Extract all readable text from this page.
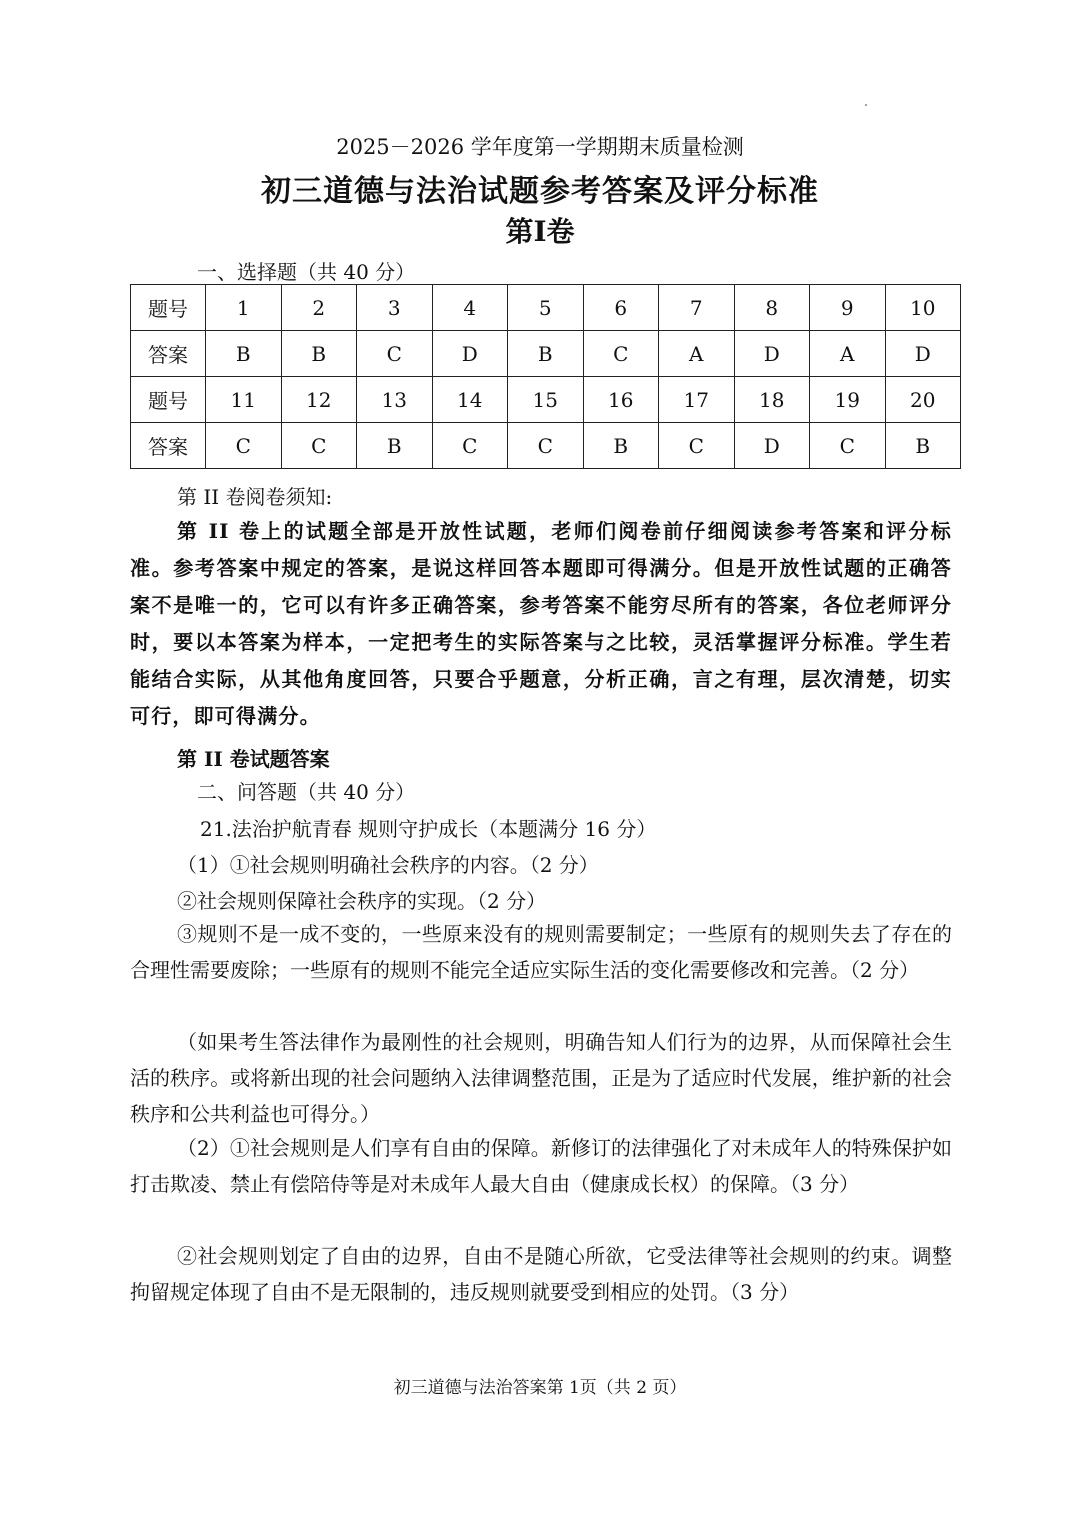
2025－2026 学年度第一学期期末质量检测
初三道德与法治试题参考答案及评分标准
第Ⅰ卷
一、选择题（共 40 分）
题号	1	2	3	4	5	6	7	8	9	10
答案	B	B	C	D	B	C	A	D	A	D
题号	11	12	13	14	15	16	17	18	19	20
答案	C	C	B	C	C	B	C	D	C	B
第 II 卷阅卷须知:
第 II 卷上的试题全部是开放性试题，老师们阅卷前仔细阅读参考答案和评分标准。参考答案中规定的答案，是说这样回答本题即可得满分。但是开放性试题的正确答案不是唯一的，它可以有许多正确答案，参考答案不能穷尽所有的答案，各位老师评分时，要以本答案为样本，一定把考生的实际答案与之比较，灵活掌握评分标准。学生若能结合实际，从其他角度回答，只要合乎题意，分析正确，言之有理，层次清楚，切实可行，即可得满分。
第 II 卷试题答案
二、问答题（共 40 分）
21.法治护航青春 规则守护成长（本题满分 16 分）
（1）①社会规则明确社会秩序的内容。（2 分）
②社会规则保障社会秩序的实现。（2 分）
③规则不是一成不变的，一些原来没有的规则需要制定；一些原有的规则失去了存在的合理性需要废除；一些原有的规则不能完全适应实际生活的变化需要修改和完善。（2 分）
（如果考生答法律作为最刚性的社会规则，明确告知人们行为的边界，从而保障社会生活的秩序。或将新出现的社会问题纳入法律调整范围，正是为了适应时代发展，维护新的社会秩序和公共利益也可得分。）
（2）①社会规则是人们享有自由的保障。新修订的法律强化了对未成年人的特殊保护如打击欺凌、禁止有偿陪侍等是对未成年人最大自由（健康成长权）的保障。（3 分）
②社会规则划定了自由的边界，自由不是随心所欲，它受法律等社会规则的约束。调整拘留规定体现了自由不是无限制的，违反规则就要受到相应的处罚。（3 分）
初三道德与法治答案第 1页（共 2 页）
